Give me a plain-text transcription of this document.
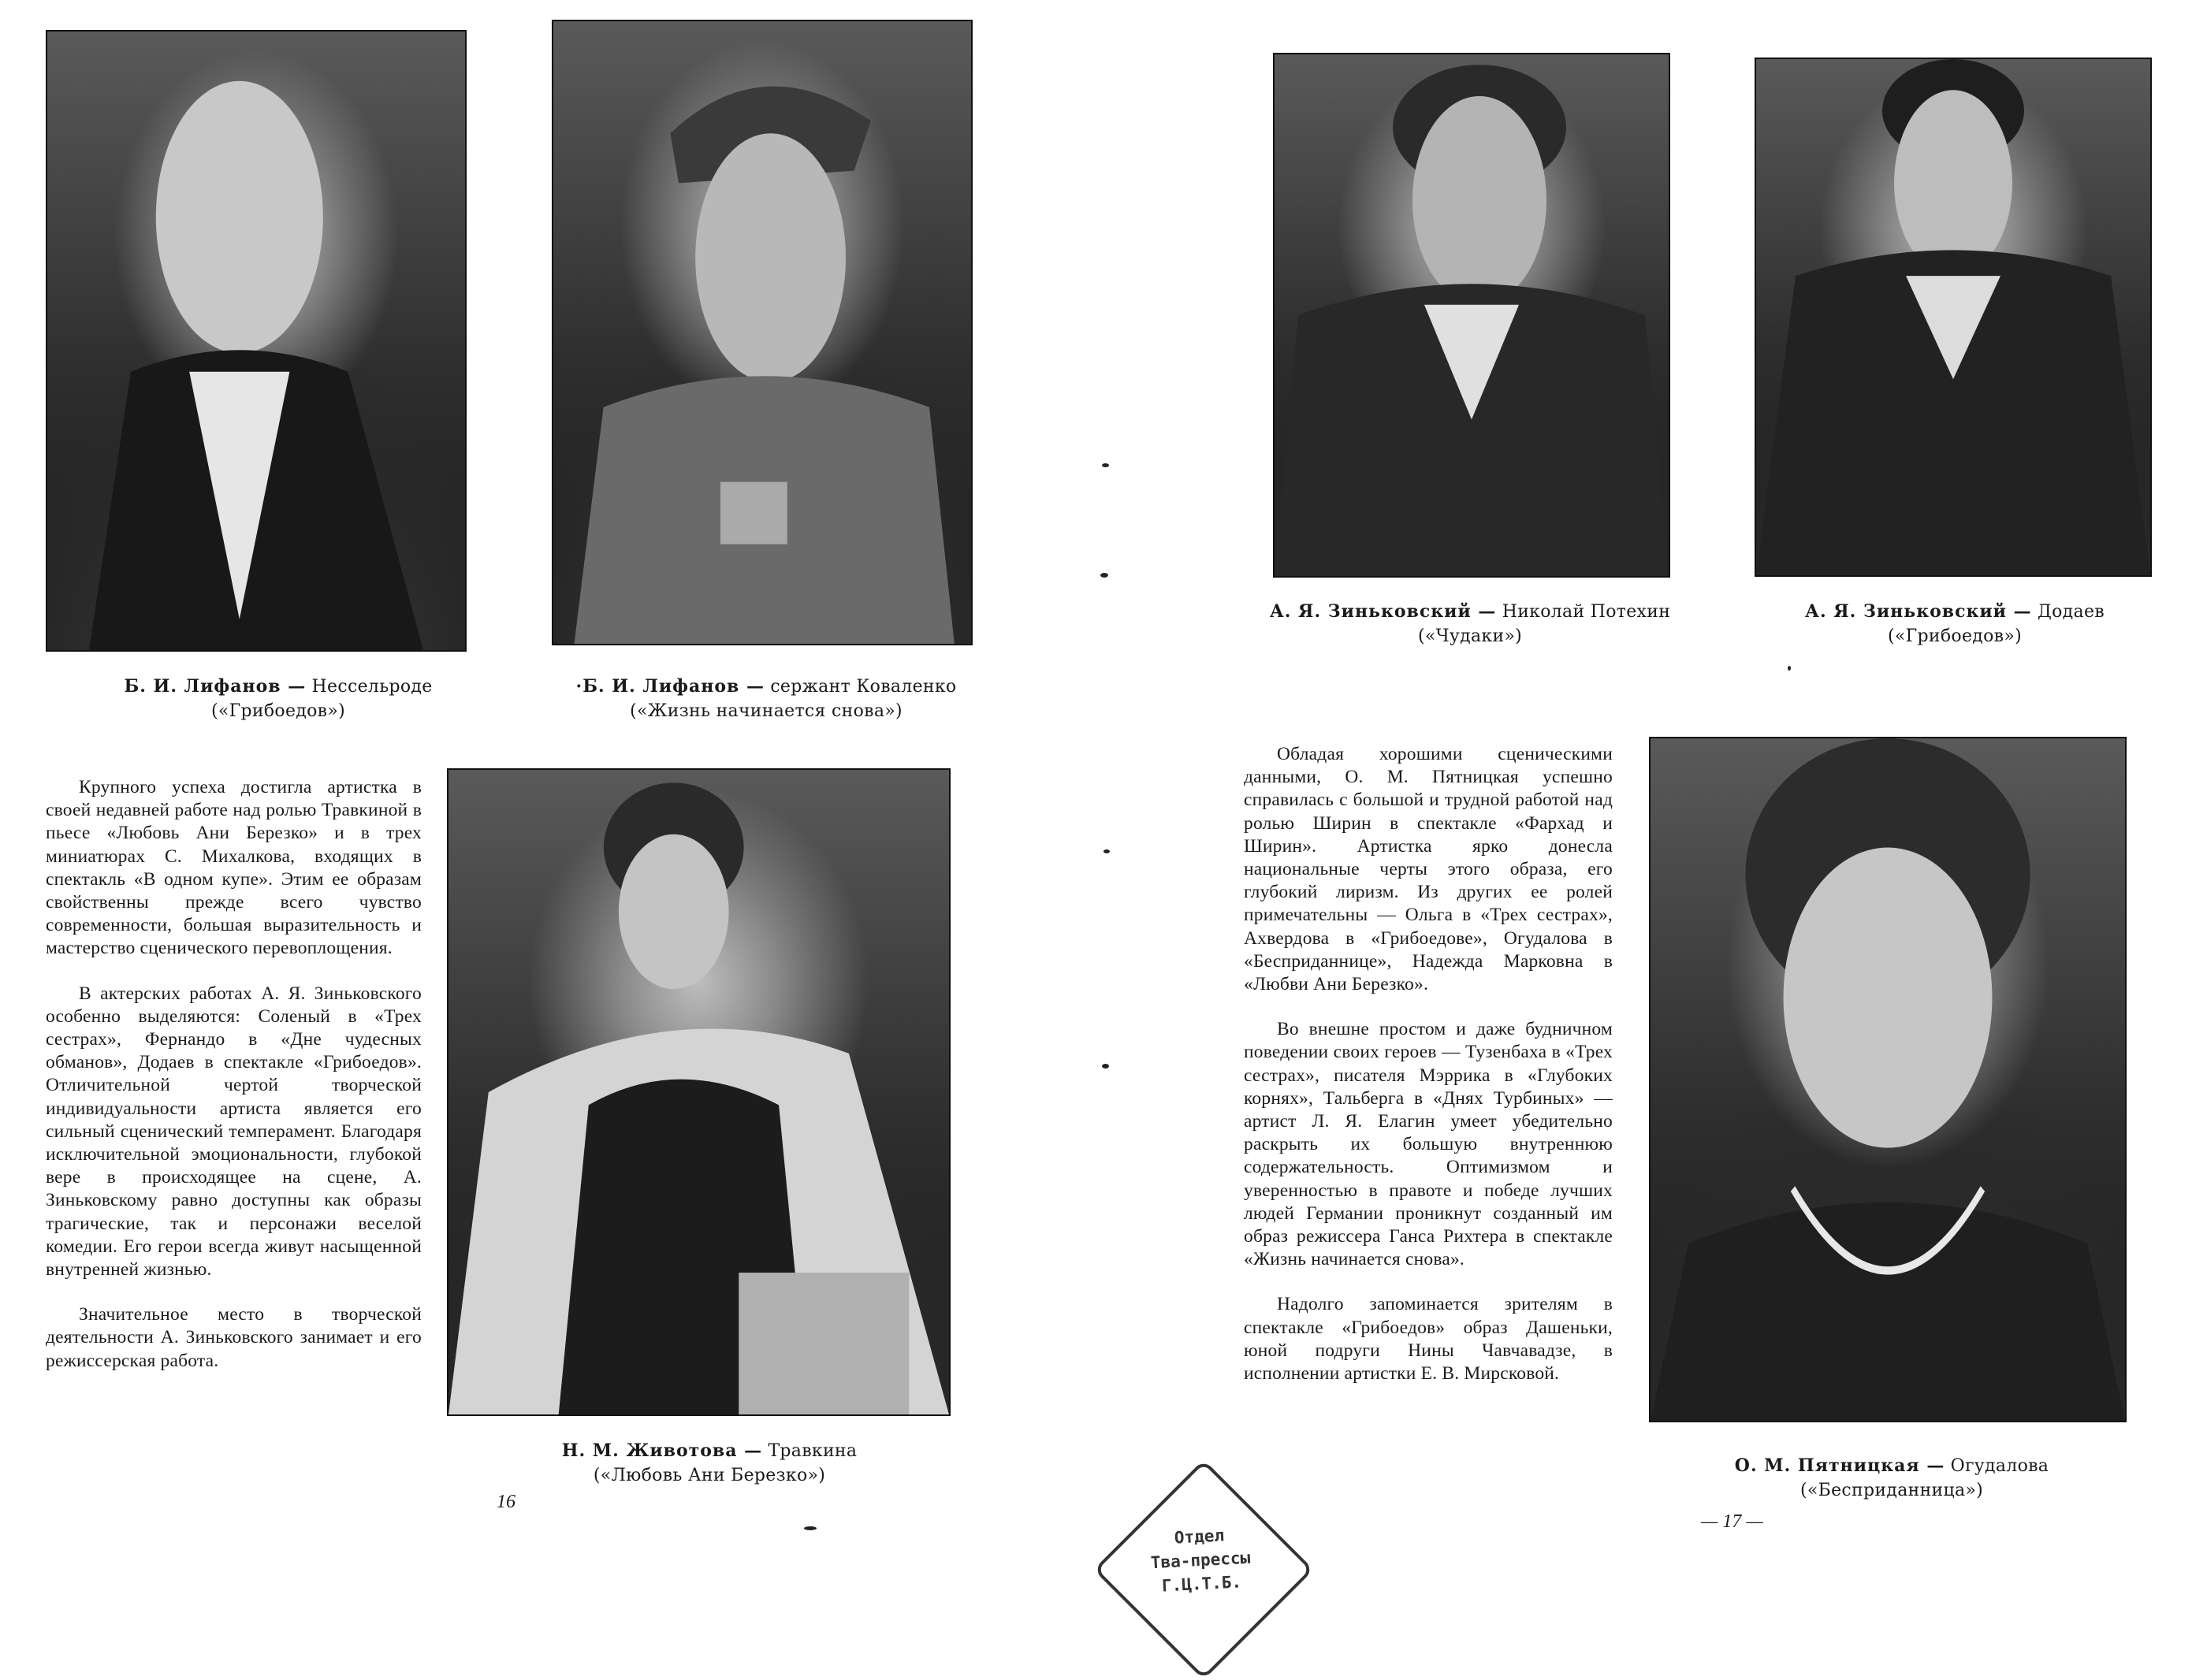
Б. И. Лифанов — Нессельроде
(«Грибоедов»)
·Б. И. Лифанов — сержант Коваленко
(«Жизнь начинается снова»)
Н. М. Животова — Травкина
(«Любовь Ани Березко»)

Крупного успеха достигла артистка в своей недавней работе над ролью Травкиной в пьесе «Любовь Ани Березко» и в трех миниатюрах С. Михалкова, входящих в спектакль «В одном купе». Этим ее образам свойственны прежде всего чувство современности, большая выразительность и мастерство сценического перевоплощения.

В актерских работах А. Я. Зиньковского особенно выделяются: Соленый в «Трех сестрах», Фернандо в «Дне чудесных обманов», Додаев в спектакле «Грибоедов». Отличительной чертой творческой индивидуальности артиста является его сильный сценический темперамент. Благодаря исключительной эмоциональности, глубокой вере в происходящее на сцене, А. Зиньковскому равно доступны как образы трагические, так и персонажи веселой комедии. Его герои всегда живут насыщенной внутренней жизнью.

Значительное место в творческой деятельности А. Зиньковского занимает и его режиссерская работа.

16
А. Я. Зиньковский — Николай Потехин
(«Чудаки»)
А. Я. Зиньковский — Додаев
(«Грибоедов»)
О. М. Пятницкая — Огудалова
(«Бесприданница»)

Обладая хорошими сценическими данными, О. М. Пятницкая успешно справилась с большой и трудной работой над ролью Ширин в спектакле «Фархад и Ширин». Артистка ярко донесла национальные черты этого образа, его глубокий лиризм. Из других ее ролей примечательны — Ольга в «Трех сестрах», Ахвердова в «Грибоедове», Огудалова в «Бесприданнице», Надежда Марковна в «Любви Ани Березко».

Во внешне простом и даже будничном поведении своих героев — Тузенбаха в «Трех сестрах», писателя Мэррика в «Глубоких корнях», Тальберга в «Днях Турбиных» — артист Л. Я. Елагин умеет убедительно раскрыть их большую внутреннюю содержательность. Оптимизмом и уверенностью в правоте и победе лучших людей Германии проникнут созданный им образ режиссера Ганса Рихтера в спектакле «Жизнь начинается снова».

Надолго запоминается зрителям в спектакле «Грибоедов» образ Дашеньки, юной подруги Нины Чавчавадзе, в исполнении артистки Е. В. Мирсковой.

— 17 —
Отдел
Тва-прессы
Г.Ц.Т.Б.
